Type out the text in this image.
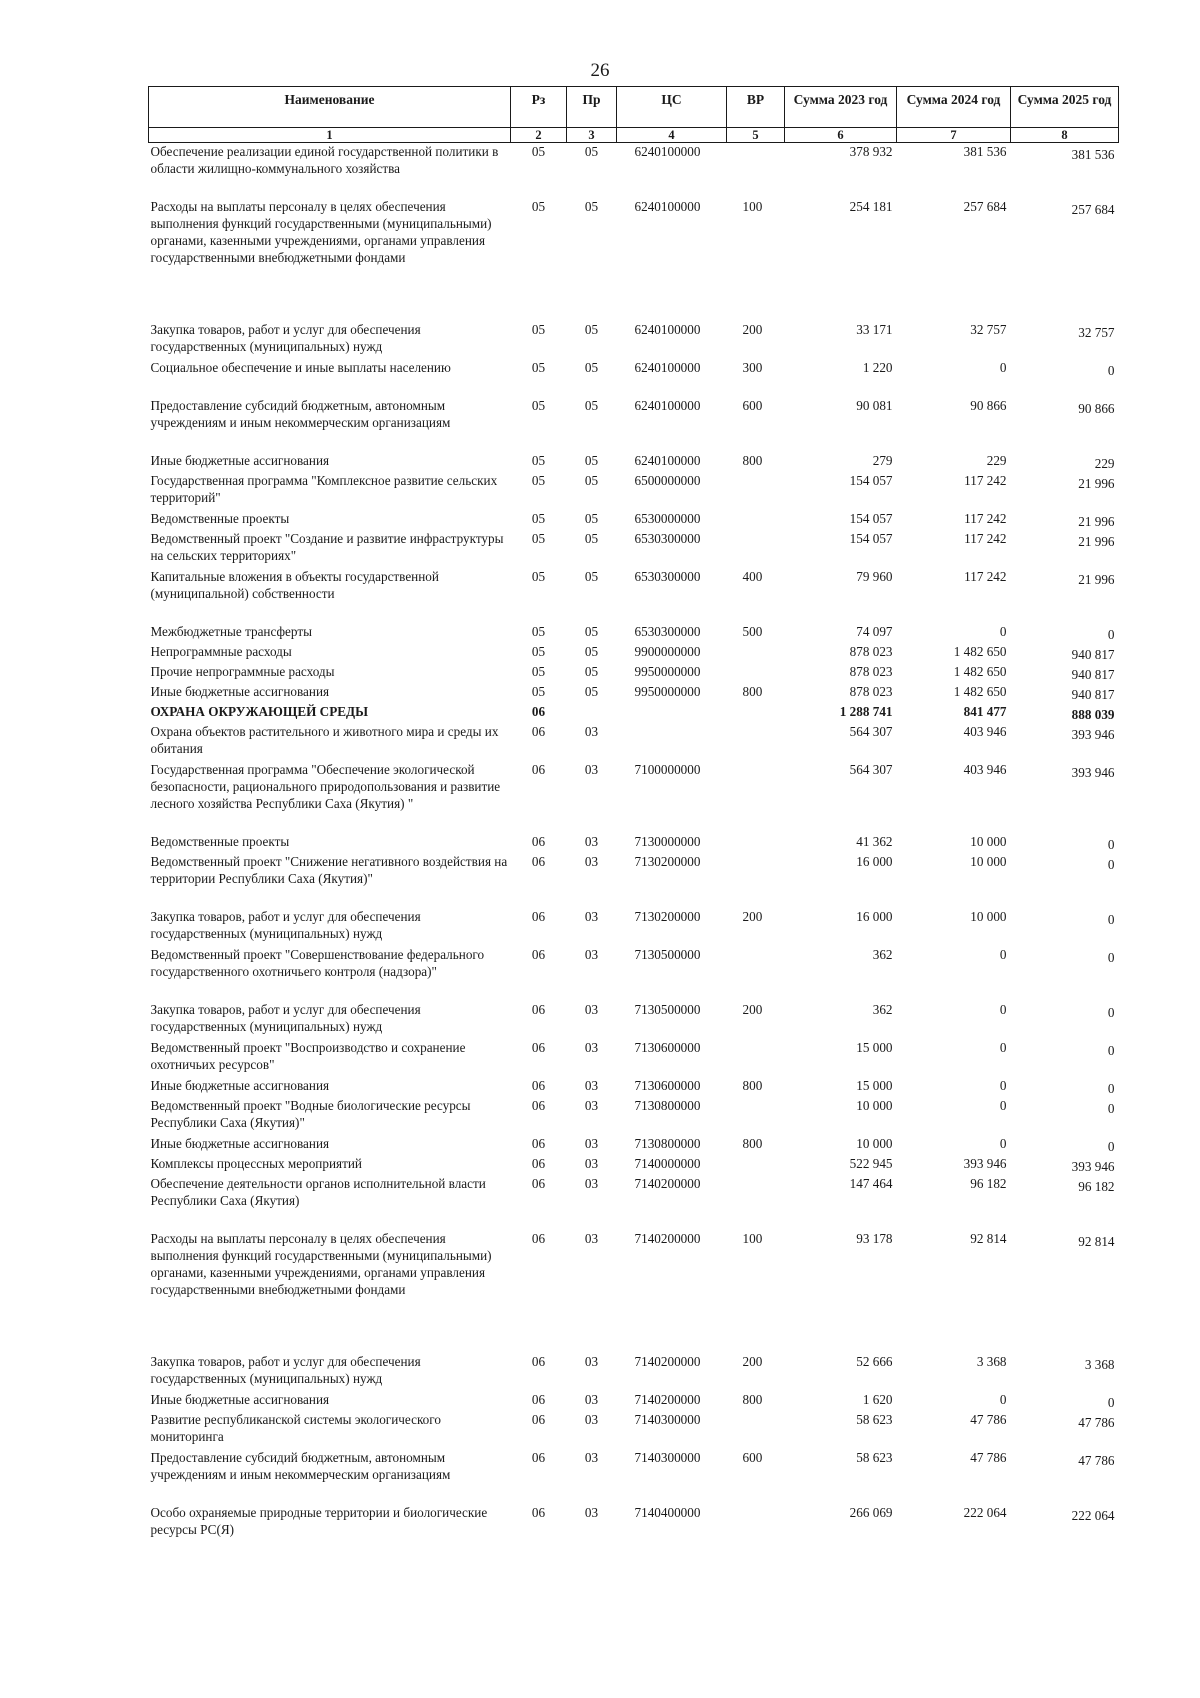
26
Наименование	Рз	Пр	ЦС	ВР	Сумма 2023 год	Сумма 2024 год	Сумма 2025 год
1	2	3	4	5	6	7	8
Обеспечение реализации единой государственной политики в области жилищно-коммунального хозяйства	05	05	6240100000		378 932	381 536	381 536
Расходы на выплаты персоналу в целях обеспечения выполнения функций государственными (муниципальными) органами, казенными учреждениями, органами управления государственными внебюджетными фондами	05	05	6240100000	100	254 181	257 684	257 684
Закупка товаров, работ и услуг для обеспечения государственных (муниципальных) нужд	05	05	6240100000	200	33 171	32 757	32 757
Социальное обеспечение и иные выплаты населению	05	05	6240100000	300	1 220	0	0
Предоставление субсидий бюджетным, автономным учреждениям и иным некоммерческим организациям	05	05	6240100000	600	90 081	90 866	90 866
Иные бюджетные ассигнования	05	05	6240100000	800	279	229	229
Государственная программа "Комплексное развитие сельских территорий"	05	05	6500000000		154 057	117 242	21 996
Ведомственные проекты	05	05	6530000000		154 057	117 242	21 996
Ведомственный проект "Создание и развитие инфраструктуры на сельских территориях"	05	05	6530300000		154 057	117 242	21 996
Капитальные вложения в объекты государственной (муниципальной) собственности	05	05	6530300000	400	79 960	117 242	21 996
Межбюджетные трансферты	05	05	6530300000	500	74 097	0	0
Непрограммные расходы	05	05	9900000000		878 023	1 482 650	940 817
Прочие непрограммные расходы	05	05	9950000000		878 023	1 482 650	940 817
Иные бюджетные ассигнования	05	05	9950000000	800	878 023	1 482 650	940 817
ОХРАНА ОКРУЖАЮЩЕЙ СРЕДЫ	06				1 288 741	841 477	888 039
Охрана объектов растительного и животного мира и среды их обитания	06	03			564 307	403 946	393 946
Государственная программа "Обеспечение экологической безопасности, рационального природопользования и развитие лесного хозяйства Республики Саха (Якутия) "	06	03	7100000000		564 307	403 946	393 946
Ведомственные проекты	06	03	7130000000		41 362	10 000	0
Ведомственный проект "Снижение негативного воздействия на территории Республики Саха (Якутия)"	06	03	7130200000		16 000	10 000	0
Закупка товаров, работ и услуг для обеспечения государственных (муниципальных) нужд	06	03	7130200000	200	16 000	10 000	0
Ведомственный проект "Совершенствование федерального государственного охотничьего контроля (надзора)"	06	03	7130500000		362	0	0
Закупка товаров, работ и услуг для обеспечения государственных (муниципальных) нужд	06	03	7130500000	200	362	0	0
Ведомственный проект "Воспроизводство и сохранение охотничьих ресурсов"	06	03	7130600000		15 000	0	0
Иные бюджетные ассигнования	06	03	7130600000	800	15 000	0	0
Ведомственный проект "Водные биологические ресурсы Республики Саха (Якутия)"	06	03	7130800000		10 000	0	0
Иные бюджетные ассигнования	06	03	7130800000	800	10 000	0	0
Комплексы процессных мероприятий	06	03	7140000000		522 945	393 946	393 946
Обеспечение деятельности органов исполнительной власти Республики Саха (Якутия)	06	03	7140200000		147 464	96 182	96 182
Расходы на выплаты персоналу в целях обеспечения выполнения функций государственными (муниципальными) органами, казенными учреждениями, органами управления государственными внебюджетными фондами	06	03	7140200000	100	93 178	92 814	92 814
Закупка товаров, работ и услуг для обеспечения государственных (муниципальных) нужд	06	03	7140200000	200	52 666	3 368	3 368
Иные бюджетные ассигнования	06	03	7140200000	800	1 620	0	0
Развитие республиканской системы экологического мониторинга	06	03	7140300000		58 623	47 786	47 786
Предоставление субсидий бюджетным, автономным учреждениям и иным некоммерческим организациям	06	03	7140300000	600	58 623	47 786	47 786
Особо охраняемые природные территории и биологические ресурсы РС(Я)	06	03	7140400000		266 069	222 064	222 064
